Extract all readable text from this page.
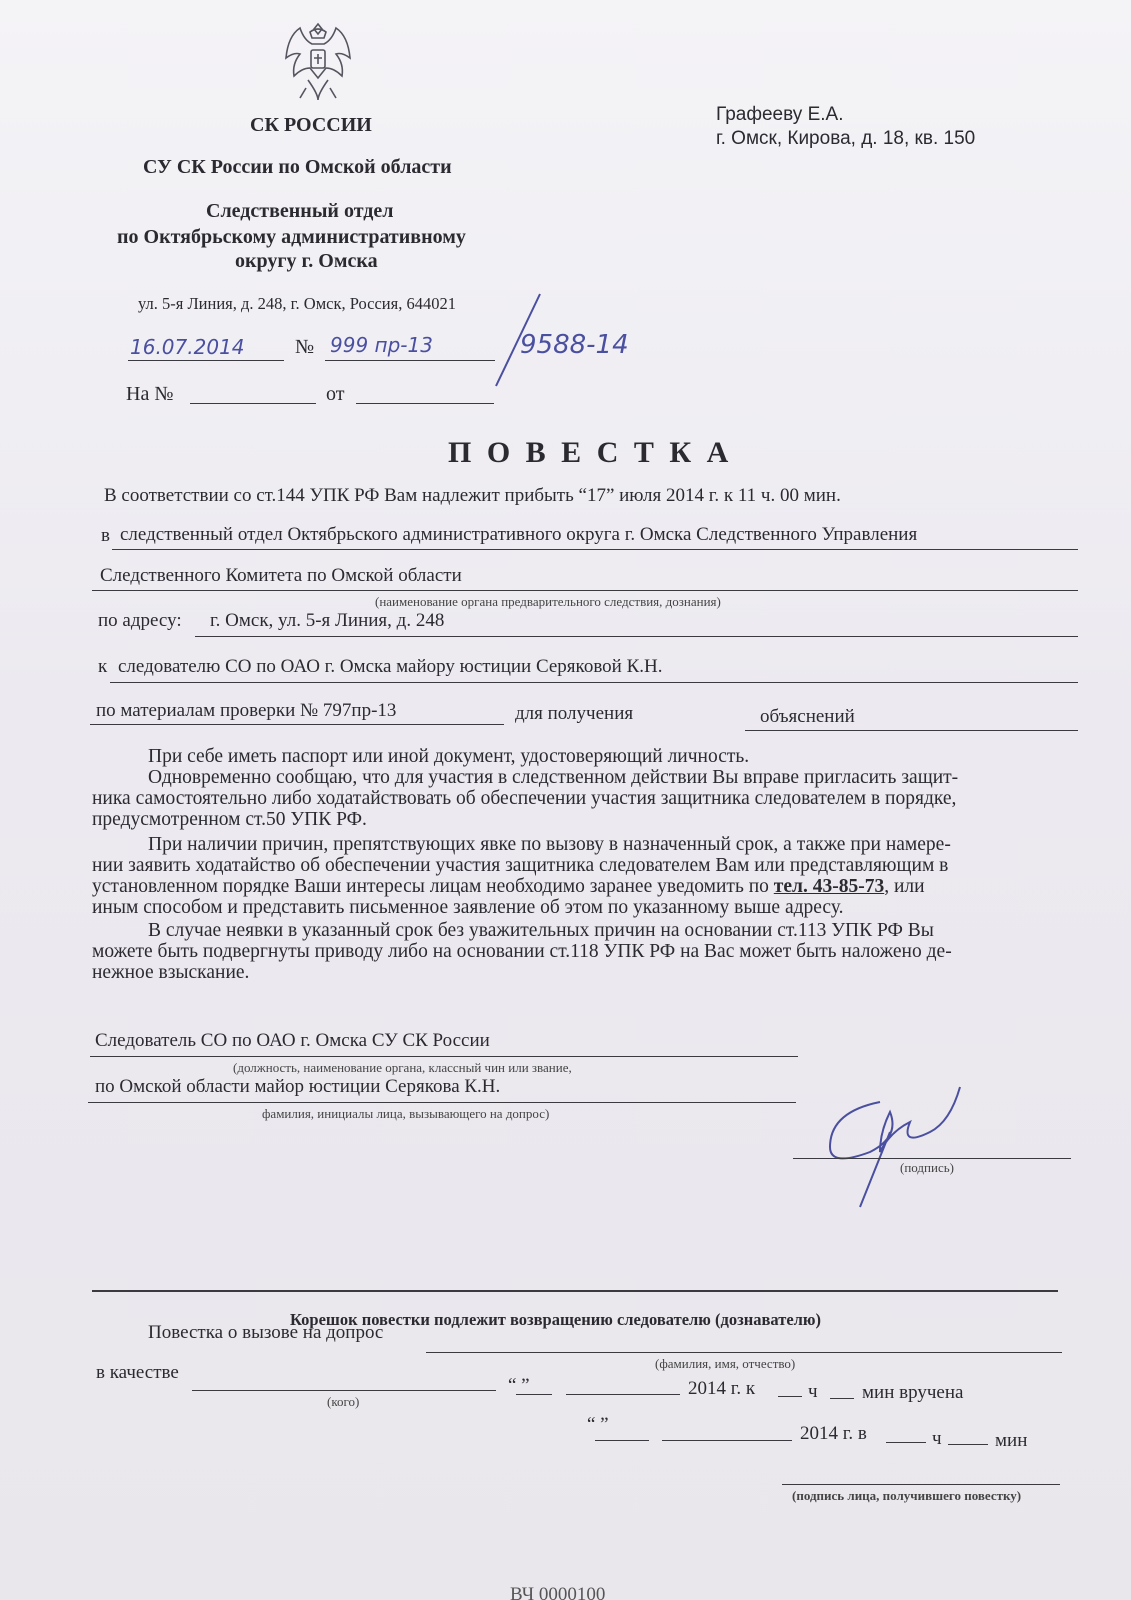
СК РОССИИ
СУ СК России по Омской области
Следственный отдел
по Октябрьскому административному
округу г. Омска
ул. 5-я Линия, д. 248, г. Омск, Россия, 644021
16.07.2014	№ 999 пр-13	9588-14
На №	от
Графееву Е.А.
г. Омск, Кирова, д. 18, кв. 150
П О В Е С Т К А
В соответствии со ст.144 УПК РФ Вам надлежит прибыть “17” июля 2014 г. к 11 ч. 00 мин.
в следственный отдел Октябрьского административного округа г. Омска Следственного Управления
Следственного Комитета по Омской области
(наименование органа предварительного следствия, дознания)
по адресу: г. Омск, ул. 5-я Линия, д. 248
к следователю СО по ОАО г. Омска майору юстиции Серяковой К.Н.
по материалам проверки № 797пр-13	для получения	объяснений
При себе иметь паспорт или иной документ, удостоверяющий личность.
Одновременно сообщаю, что для участия в следственном действии Вы вправе пригласить защит-
ника самостоятельно либо ходатайствовать об обеспечении участия защитника следователем в порядке,
предусмотренном ст.50 УПК РФ.
При наличии причин, препятствующих явке по вызову в назначенный срок, а также при намере-
нии заявить ходатайство об обеспечении участия защитника следователем Вам или представляющим в
установленном порядке Ваши интересы лицам необходимо заранее уведомить по тел. 43-85-73, или
иным способом и представить письменное заявление об этом по указанному выше адресу.
В случае неявки в указанный срок без уважительных причин на основании ст.113 УПК РФ Вы
можете быть подвергнуты приводу либо на основании ст.118 УПК РФ на Вас может быть наложено де-
нежное взыскание.
Следователь СО по ОАО г. Омска СУ СК России
(должность, наименование органа, классный чин или звание,
по Омской области майор юстиции Серякова К.Н.
фамилия, инициалы лица, вызывающего на допрос)
(подпись)
Корешок повестки подлежит возвращению следователю (дознавателю)
Повестка о вызове на допрос
(фамилия, имя, отчество)
в качестве
(кого)
“ ”	2014 г. к	ч мин вручена
“ ”	2014 г. в	ч	мин
(подпись лица, получившего повестку)
ВЧ 0000100
